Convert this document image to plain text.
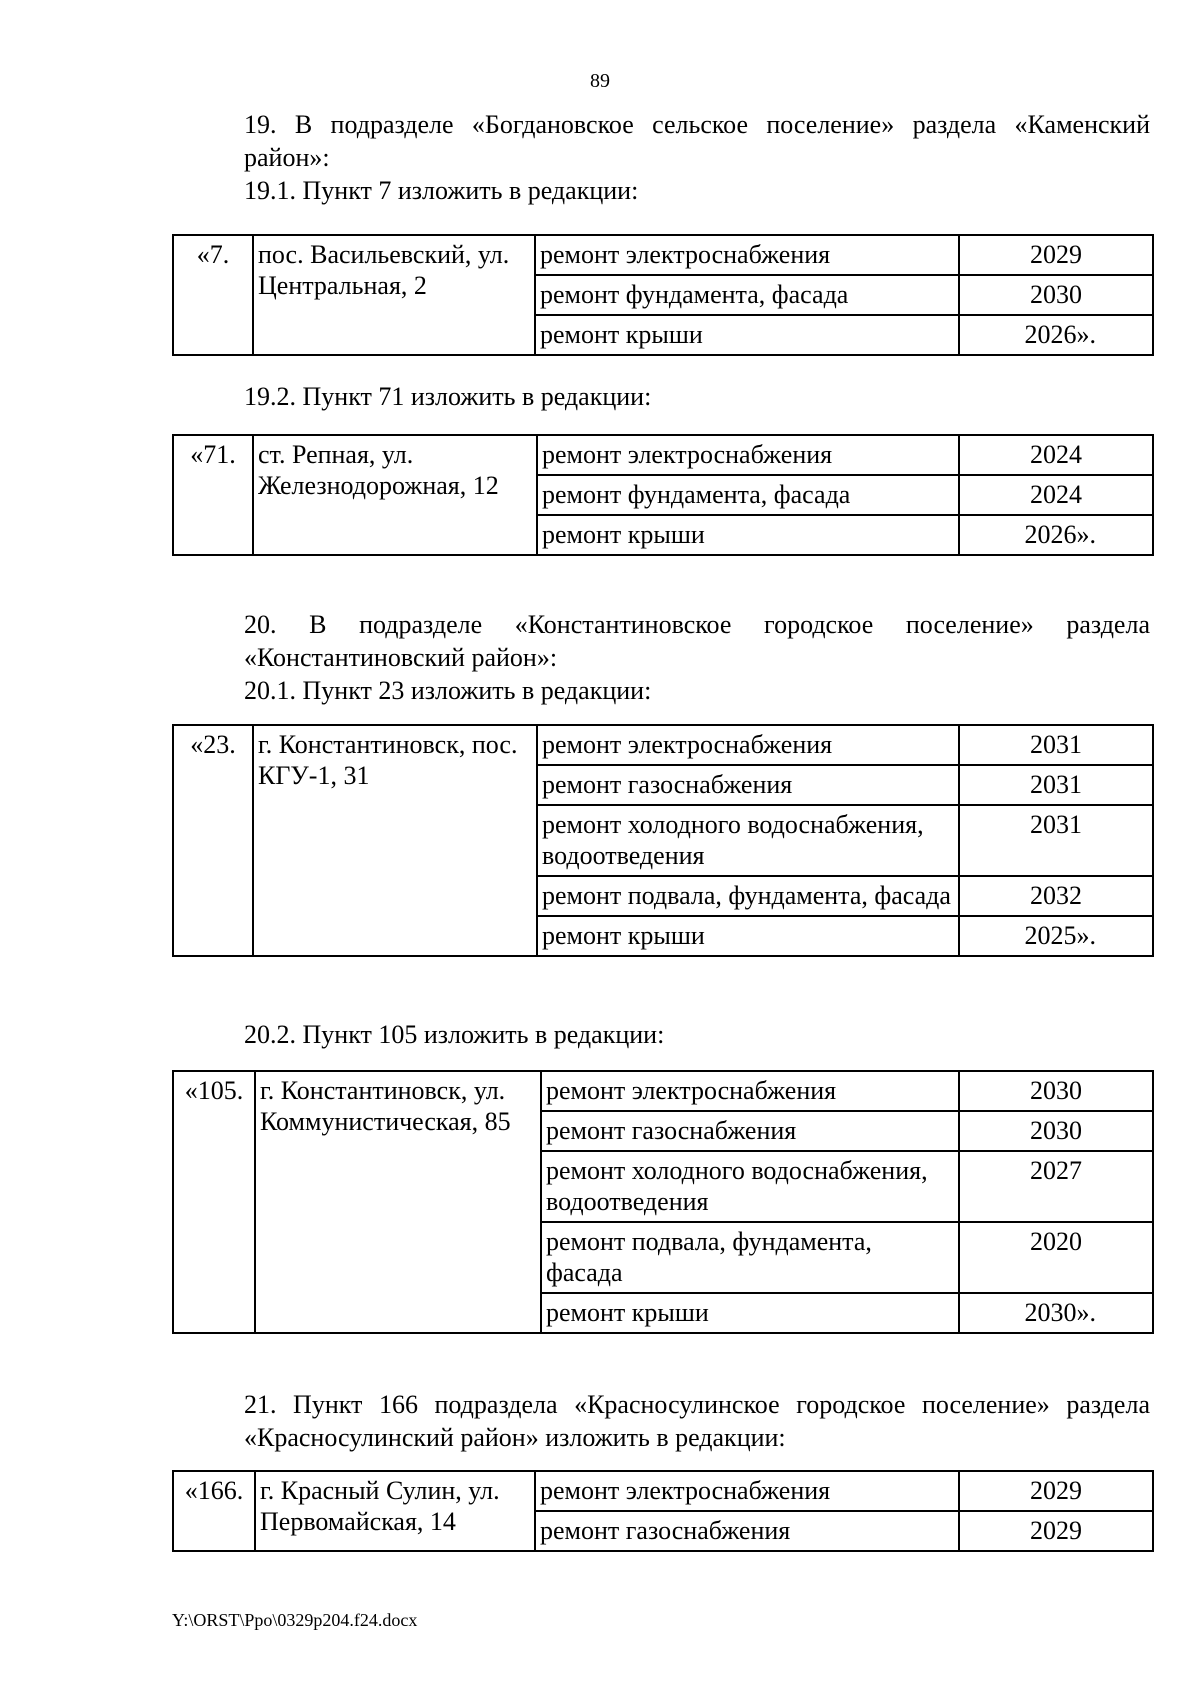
89
19. В подразделе «Богдановское сельское поселение» раздела «Каменский район»:
19.1. Пункт 7 изложить в редакции:
«7.	пос. Васильевский, ул. Центральная, 2	ремонт электроснабжения	2029
		ремонт фундамента, фасада	2030
		ремонт крыши	2026».
19.2. Пункт 71 изложить в редакции:
«71.	ст. Репная, ул. Железнодорожная, 12	ремонт электроснабжения	2024
		ремонт фундамента, фасада	2024
		ремонт крыши	2026».
20. В подразделе «Константиновское городское поселение» раздела «Константиновский район»:
20.1. Пункт 23 изложить в редакции:
«23.	г. Константиновск, пос. КГУ-1, 31	ремонт электроснабжения	2031
		ремонт газоснабжения	2031
		ремонт холодного водоснабжения, водоотведения	2031
		ремонт подвала, фундамента, фасада	2032
		ремонт крыши	2025».
20.2. Пункт 105 изложить в редакции:
«105.	г. Константиновск, ул. Коммунистическая, 85	ремонт электроснабжения	2030
		ремонт газоснабжения	2030
		ремонт холодного водоснабжения, водоотведения	2027
		ремонт подвала, фундамента, фасада	2020
		ремонт крыши	2030».
21. Пункт 166 подраздела «Красносулинское городское поселение» раздела «Красносулинский район» изложить в редакции:
«166.	г. Красный Сулин, ул. Первомайская, 14	ремонт электроснабжения	2029
		ремонт газоснабжения	2029
Y:\ORST\Ppo\0329p204.f24.docx
